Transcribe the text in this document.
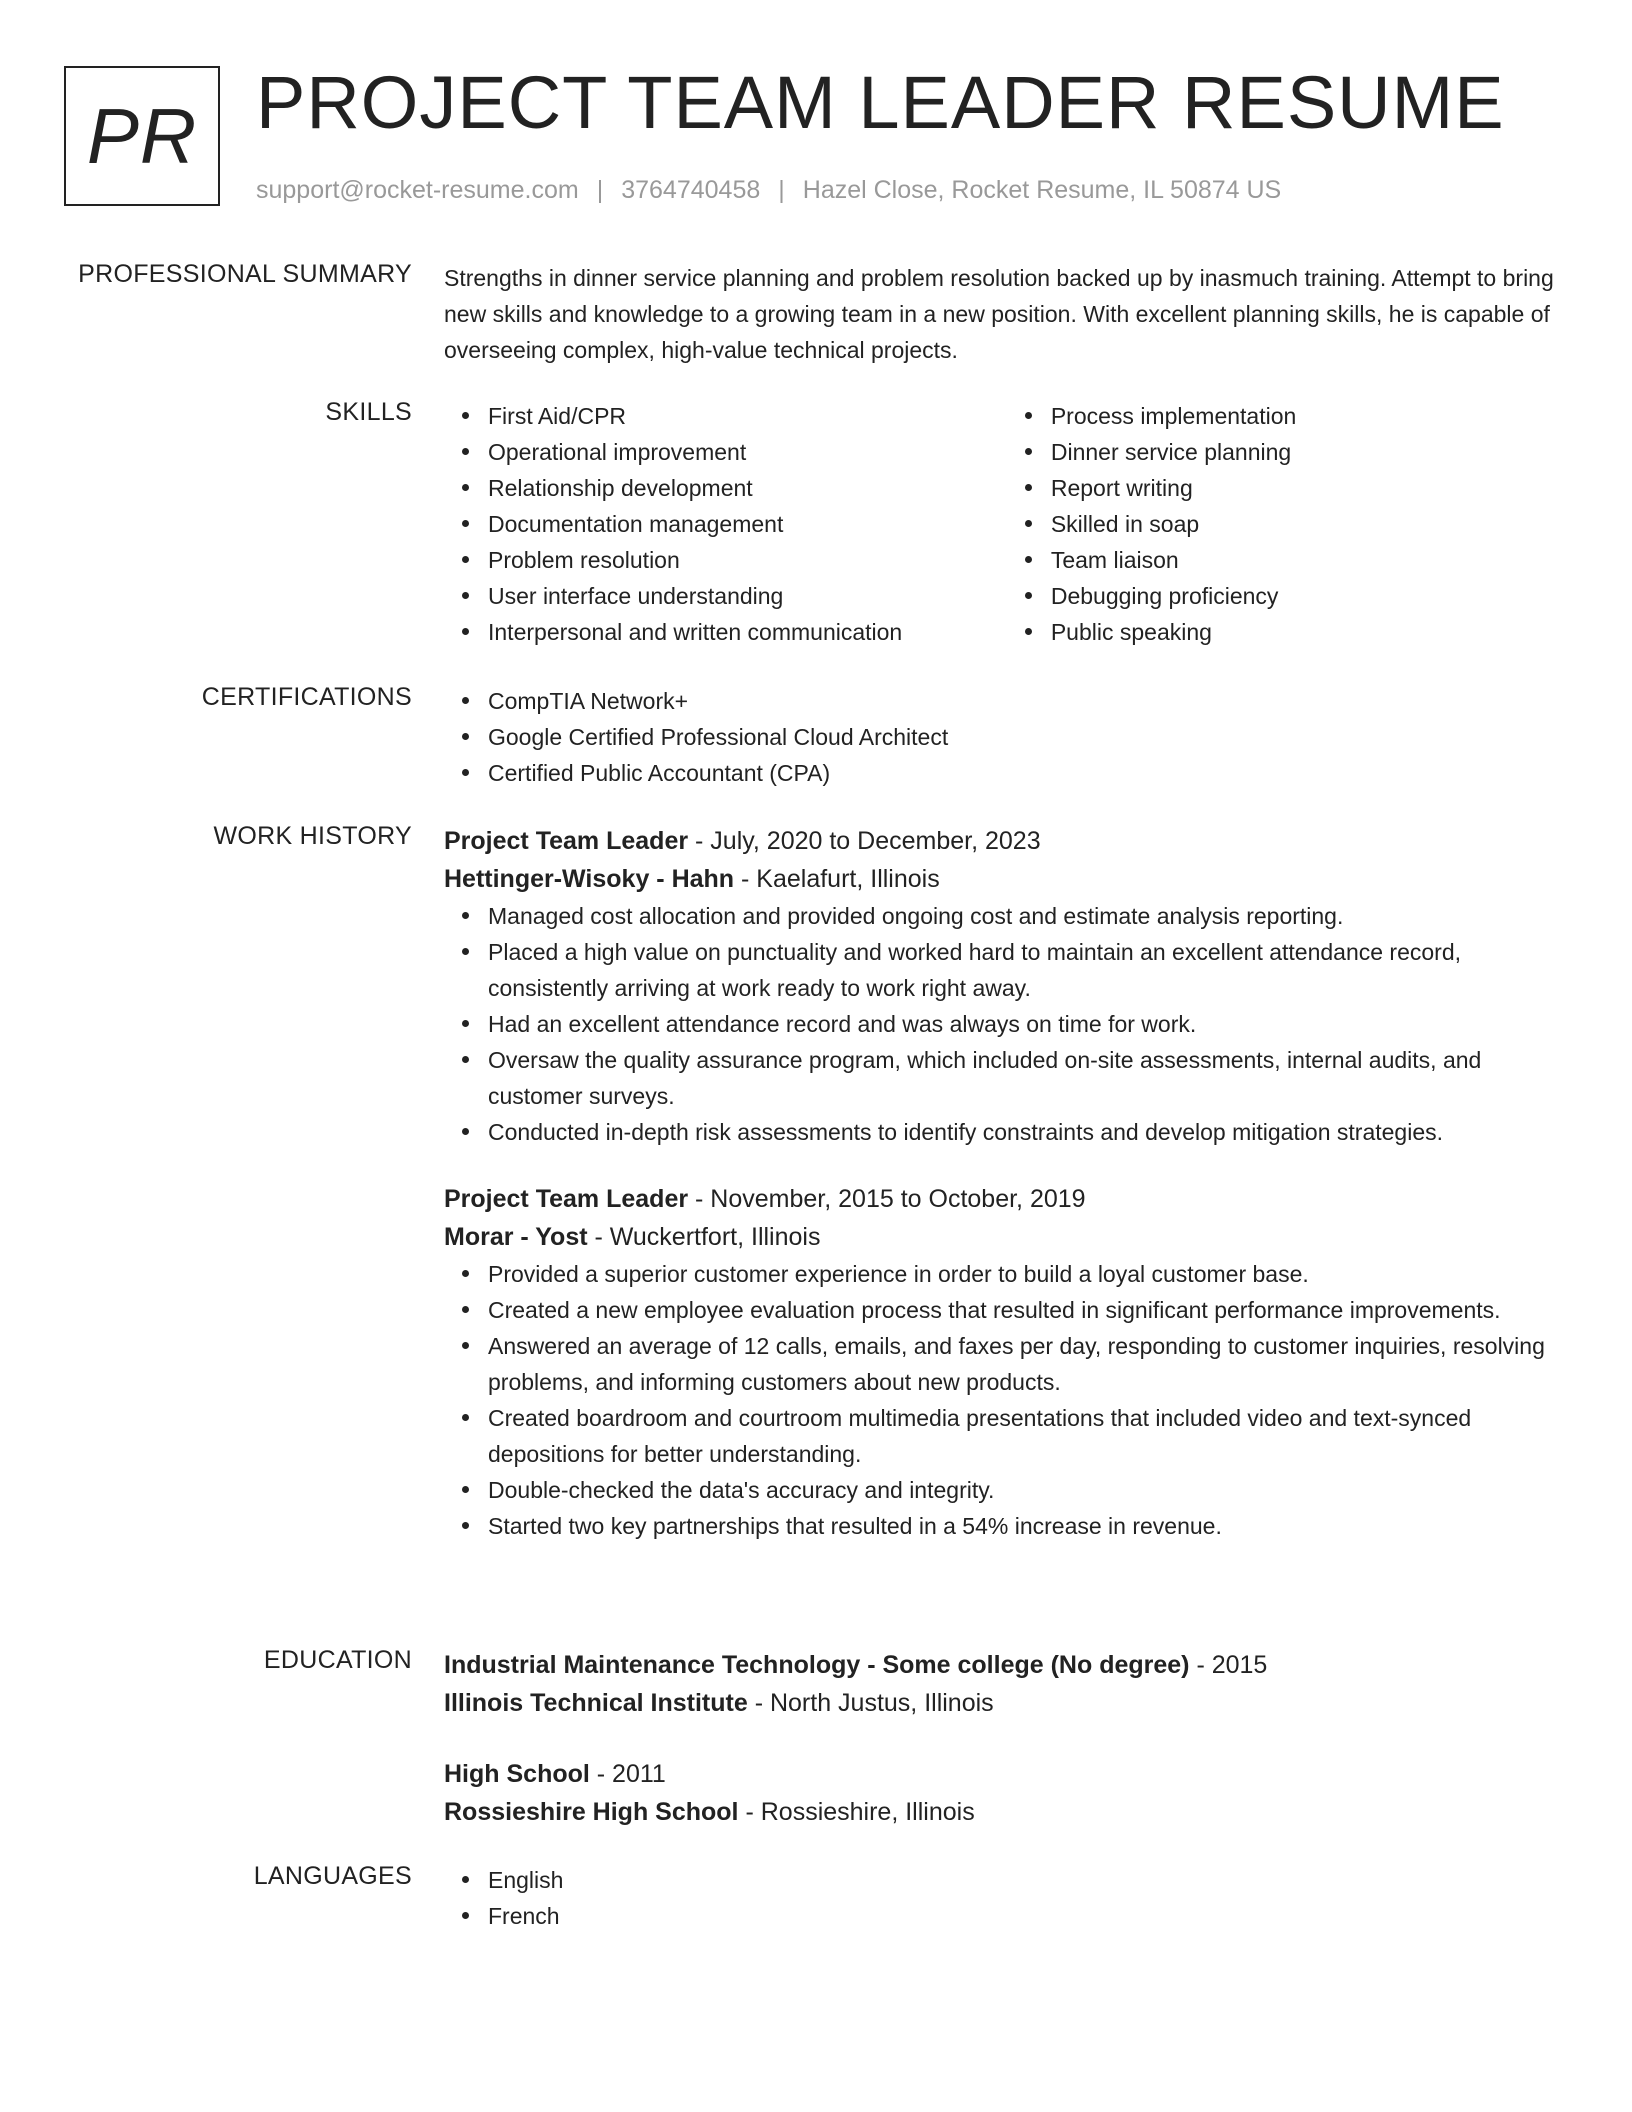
PR PROJECT TEAM LEADER RESUME
support@rocket-resume.com | 3764740458 | Hazel Close, Rocket Resume, IL 50874 US
PROFESSIONAL SUMMARY Strengths in dinner service planning and problem resolution backed up by inasmuch training. Attempt to bring new skills and knowledge to a growing team in a new position. With excellent planning skills, he is capable of overseeing complex, high-value technical projects.

SKILLS	First Aid/CPR
Operational improvement
Relationship development
Documentation management
Problem resolution
User interface understanding
Interpersonal and written communication
Process implementation
Dinner service planning
Report writing
Skilled in soap
Team liaison
Debugging proficiency
Public speaking
CERTIFICATIONS	CompTIA Network+
Google Certified Professional Cloud Architect
Certified Public Accountant (CPA)
WORK HISTORY Project Team Leader - July, 2020 to December, 2023
Hettinger-Wisoky - Hahn - Kaelafurt, Illinois
Managed cost allocation and provided ongoing cost and estimate analysis reporting.
Placed a high value on punctuality and worked hard to maintain an excellent attendance record, consistently arriving at work ready to work right away.
Had an excellent attendance record and was always on time for work.
Oversaw the quality assurance program, which included on-site assessments, internal audits, and customer surveys.
Conducted in-depth risk assessments to identify constraints and develop mitigation strategies.
Project Team Leader - November, 2015 to October, 2019
Morar - Yost - Wuckertfort, Illinois
Provided a superior customer experience in order to build a loyal customer base.
Created a new employee evaluation process that resulted in significant performance improvements.
Answered an average of 12 calls, emails, and faxes per day, responding to customer inquiries, resolving problems, and informing customers about new products.
Created boardroom and courtroom multimedia presentations that included video and text-synced depositions for better understanding.
Double-checked the data's accuracy and integrity.
Started two key partnerships that resulted in a 54% increase in revenue.
EDUCATION Industrial Maintenance Technology - Some college (No degree) - 2015
Illinois Technical Institute - North Justus, Illinois
High School - 2011
Rossieshire High School - Rossieshire, Illinois
LANGUAGES	English
French
